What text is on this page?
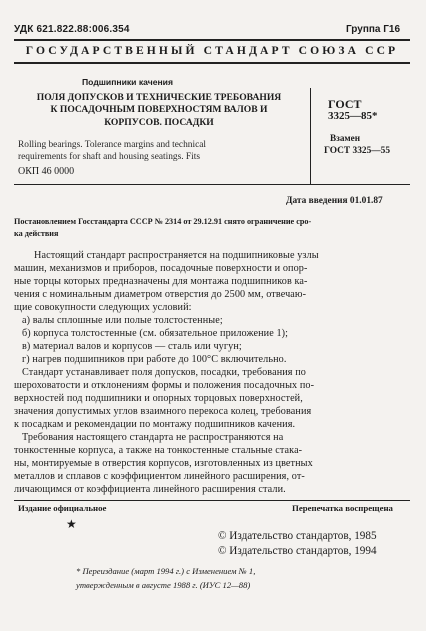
УДК 621.822.88:006.354	Группа Г16
ГОСУДАРСТВЕННЫЙ СТАНДАРТ СОЮЗА ССР
Подшипники качения
ПОЛЯ ДОПУСКОВ И ТЕХНИЧЕСКИЕ ТРЕБОВАНИЯ
К ПОСАДОЧНЫМ ПОВЕРХНОСТЯМ ВАЛОВ И
КОРПУСОВ. ПОСАДКИ
Rolling bearings. Tolerance margins and technical
requirements for shaft and housing seatings. Fits
ОКП 46 0000
ГОСТ
3325—85*
Взамен
ГОСТ 3325—55
Дата введения 01.01.87
Постановлением Госстандарта СССР № 2314 от 29.12.91 снято ограничение сро-
ка действия
Настоящий стандарт распространяется на подшипниковые узлы
машин, механизмов и приборов, посадочные поверхности и опор-
ные торцы которых предназначены для монтажа подшипников ка-
чения с номинальным диаметром отверстия до 2500 мм, отвечаю-
щие совокупности следующих условий:
а) валы сплошные или полые толстостенные;
б) корпуса толстостенные (см. обязательное приложение 1);
в) материал валов и корпусов — сталь или чугун;
г) нагрев подшипников при работе до 100°С включительно.
Стандарт устанавливает поля допусков, посадки, требования по
шероховатости и отклонениям формы и положения посадочных по-
верхностей под подшипники и опорных торцовых поверхностей,
значения допустимых углов взаимного перекоса колец, требования
к посадкам и рекомендации по монтажу подшипников качения.
Требования настоящего стандарта не распространяются на
тонкостенные корпуса, а также на тонкостенные стальные стака-
ны, монтируемые в отверстия корпусов, изготовленных из цветных
металлов и сплавов с коэффициентом линейного расширения, от-
личающимся от коэффициента линейного расширения стали.
Издание официальное	Перепечатка воспрещена
★
© Издательство стандартов, 1985
© Издательство стандартов, 1994
* Переиздание (март 1994 г.) с Изменением № 1,
утвержденным в августе 1988 г. (ИУС 12—88)
